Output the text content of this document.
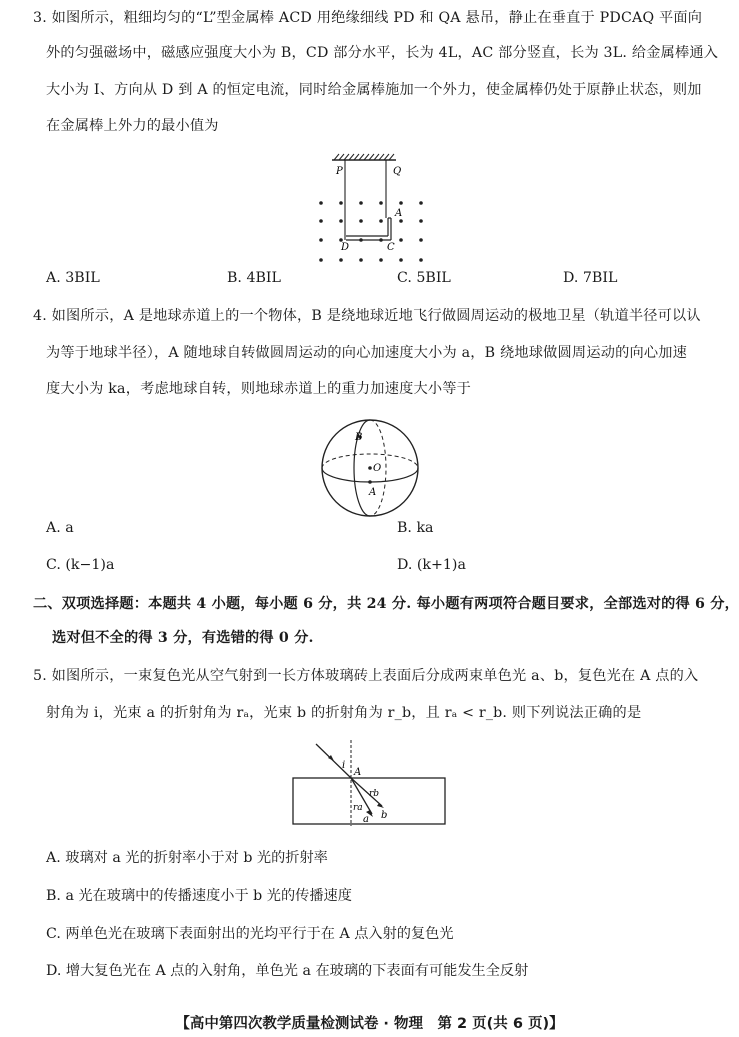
3. 如图所示，粗细均匀的“L”型金属棒 ACD 用绝缘细线 PD 和 QA 悬吊，静止在垂直于 PDCAQ 平面向
外的匀强磁场中，磁感应强度大小为 B，CD 部分水平，长为 4L，AC 部分竖直，长为 3L. 给金属棒通入
大小为 I、方向从 D 到 A 的恒定电流，同时给金属棒施加一个外力，使金属棒仍处于原静止状态，则加
在金属棒上外力的最小值为
P	Q
A
D	C
A. 3BIL	B. 4BIL	C. 5BIL	D. 7BIL
4. 如图所示，A 是地球赤道上的一个物体，B 是绕地球近地飞行做圆周运动的极地卫星（轨道半径可以认
为等于地球半径），A 随地球自转做圆周运动的向心加速度大小为 a，B 绕地球做圆周运动的向心加速
度大小为 ka，考虑地球自转，则地球赤道上的重力加速度大小等于
B
O
A
A. a	B. ka
C. (k−1)a	D. (k+1)a
二、双项选择题：本题共 4 小题，每小题 6 分，共 24 分. 每小题有两项符合题目要求，全部选对的得 6 分，
选对但不全的得 3 分，有选错的得 0 分.
5. 如图所示，一束复色光从空气射到一长方体玻璃砖上表面后分成两束单色光 a、b，复色光在 A 点的入
射角为 i，光束 a 的折射角为 rₐ，光束 b 的折射角为 r_b，且 rₐ < r_b. 则下列说法正确的是
i
A
rb
ra
a b
A. 玻璃对 a 光的折射率小于对 b 光的折射率
B. a 光在玻璃中的传播速度小于 b 光的传播速度
C. 两单色光在玻璃下表面射出的光均平行于在 A 点入射的复色光
D. 增大复色光在 A 点的入射角，单色光 a 在玻璃的下表面有可能发生全反射
【高中第四次教学质量检测试卷 · 物理　第 2 页(共 6 页)】
